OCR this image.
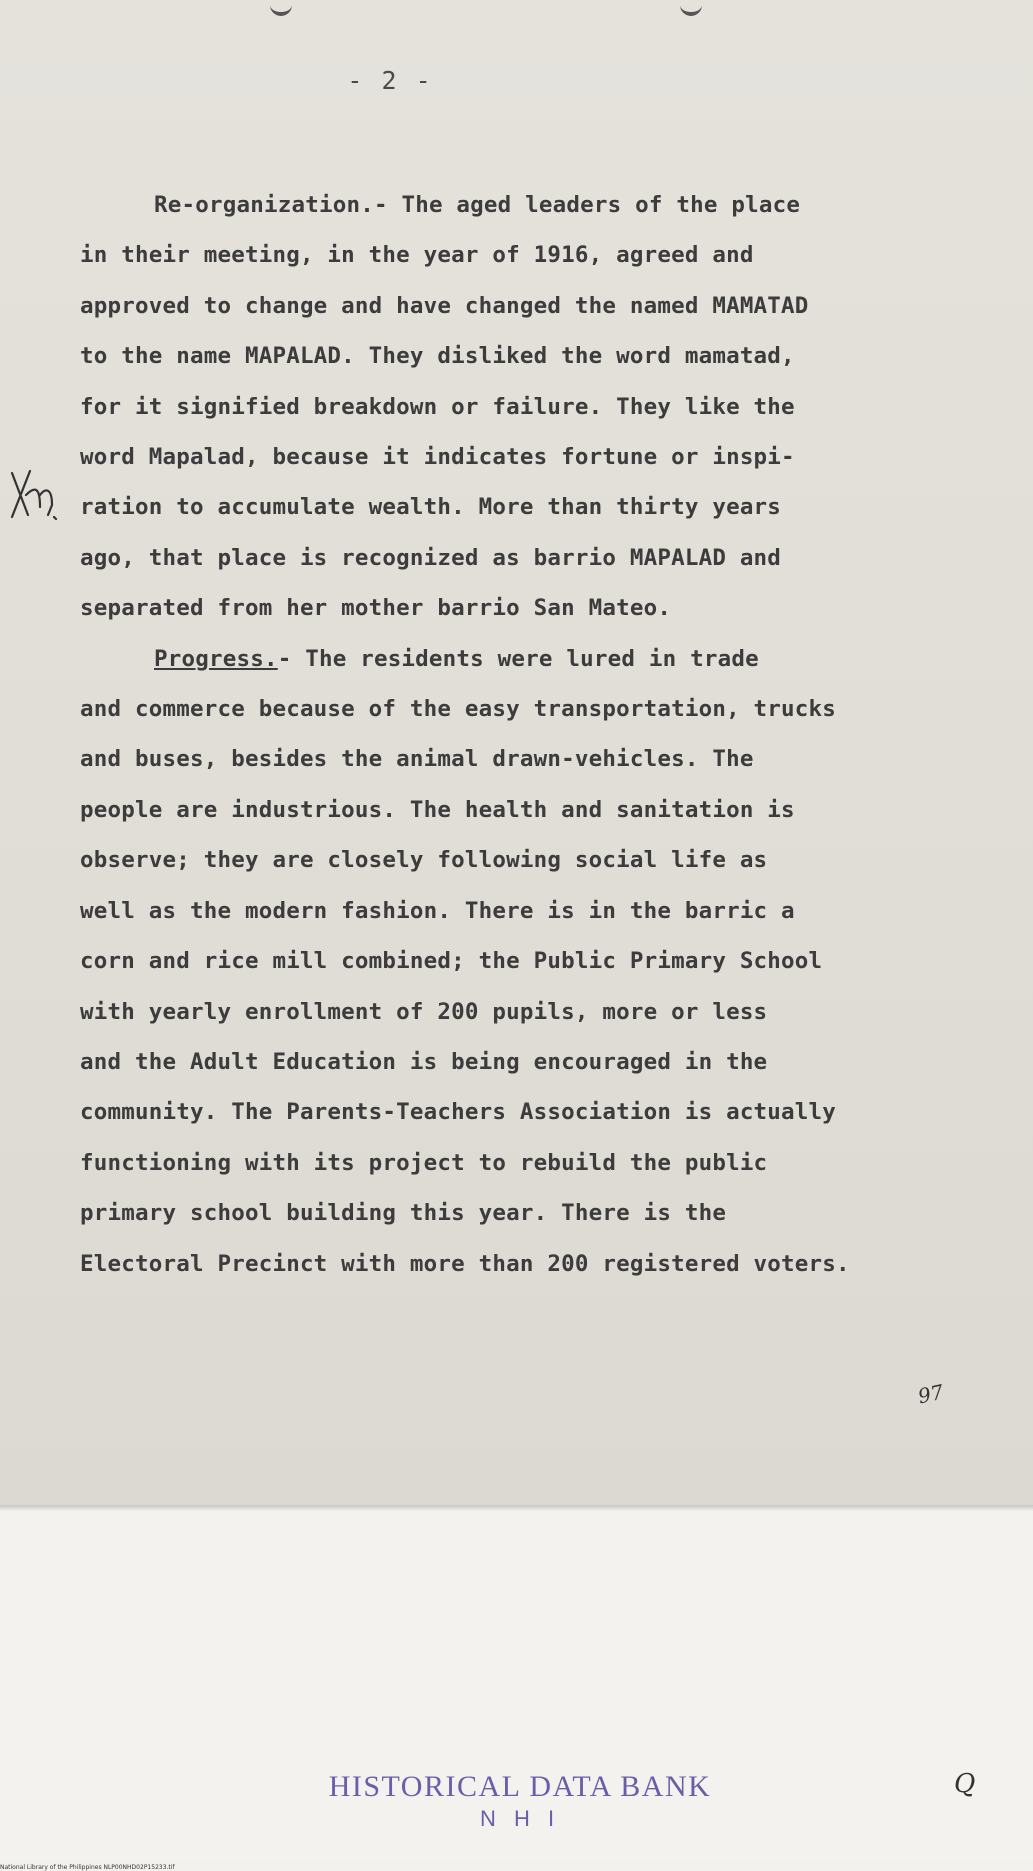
- 2 -
Re-organization.- The aged leaders of the place
in their meeting, in the year of 1916, agreed and
approved to change and have changed the named MAMATAD
to the name MAPALAD. They disliked the word mamatad,
for it signified breakdown or failure. They like the
word Mapalad, because it indicates fortune or inspi-
ration to accumulate wealth. More than thirty years
ago, that place is recognized as barrio MAPALAD and
separated from her mother barrio San Mateo.
Progress.- The residents were lured in trade
and commerce because of the easy transportation, trucks
and buses, besides the animal drawn-vehicles. The
people are industrious. The health and sanitation is
observe; they are closely following social life as
well as the modern fashion. There is in the barric a
corn and rice mill combined; the Public Primary School
with yearly enrollment of 200 pupils, more or less
and the Adult Education is being encouraged in the
community. The Parents-Teachers Association is actually
functioning with its project to rebuild the public
primary school building this year. There is the
Electoral Precinct with more than 200 registered voters.
97
HISTORICAL DATA BANK
N H I
Q
National Library of the Philippines NLP00NHD02P15233.tif
